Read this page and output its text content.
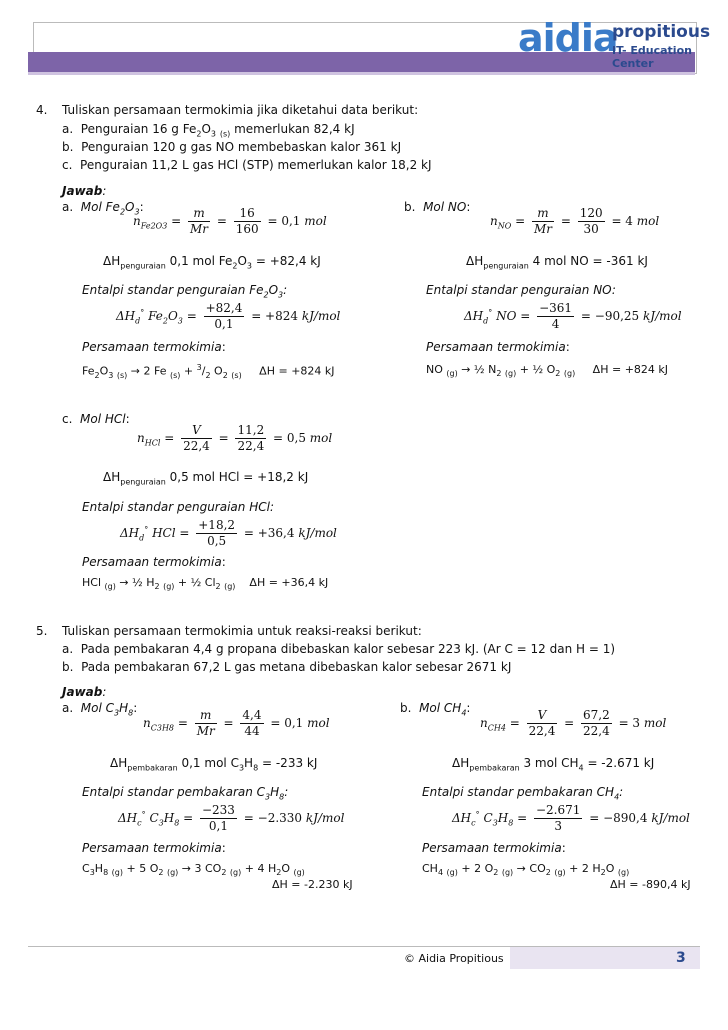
aidia
propitious
IT- Education Center
4. Tuliskan persamaan termokimia jika diketahui data berikut:
a.  Penguraian 16 g $Fe_2O_3$ $_{(s)}$ memerlukan 82,4 kJ
b.  Penguraian 120 g gas NO membebaskan kalor 361 kJ
c.  Penguraian 11,2 L gas HCl (STP) memerlukan kalor 18,2 kJ
Jawab:
a.  Mol $Fe_2O_3$:
$n_{Fe2O3} = \frac{m}{Mr} = \frac{16}{160} = 0,1$ mol
$\Delta H_{penguraian}$ 0,1 mol $Fe_2O_3 = +82,4$ kJ
Entalpi standar penguraian $Fe_2O_3$:
$\Delta H_d^\circ$ $Fe_2O_3 = \frac{+82,4}{0,1} = +824$ kJ/mol
Persamaan termokimia:
$Fe_2O_3$ $_{(s)}$ → 2 Fe $_{(s)} + ^3/_2$ $O_2$ $_{(s)}$     ΔH = +824 kJ
b.  Mol NO:
$n_{NO} = \frac{m}{Mr} = \frac{120}{30} = 4$ mol
$\Delta H_{penguraian}$ 4 mol NO = -361 kJ
Entalpi standar penguraian NO:
$\Delta H_d^\circ$ NO = $\frac{-361}{4} = -90,25$ kJ/mol
Persamaan termokimia:
NO $_{(g)}$ → ½ $N_2$ $_{(g)}$ + ½ $O_2$ $_{(g)}$     ΔH = +824 kJ
c.  Mol HCl:
$n_{HCl} = \frac{V}{22,4} = \frac{11,2}{22,4} = 0,5$ mol
$\Delta H_{penguraian}$ 0,5 mol HCl = +18,2 kJ
Entalpi standar penguraian HCl:
$\Delta H_d^\circ$ HCl = $\frac{+18,2}{0,5} = +36,4$ kJ/mol
Persamaan termokimia:
HCl $_{(g)}$ → ½ $H_2$ $_{(g)}$ + ½ $Cl_2$ $_{(g)}$    ΔH = +36,4 kJ
5. Tuliskan persamaan termokimia untuk reaksi-reaksi berikut:
a.  Pada pembakaran 4,4 g propana dibebaskan kalor sebesar 223 kJ. (Ar C = 12 dan H = 1)
b.  Pada pembakaran 67,2 L gas metana dibebaskan kalor sebesar 2671 kJ
Jawab:
a.  Mol $C_3H_8$:
$n_{C3H8} = \frac{m}{Mr} = \frac{4,4}{44} = 0,1$ mol
$\Delta H_{pembakaran}$ 0,1 mol $C_3H_8 = -233$ kJ
Entalpi standar pembakaran $C_3H_8$:
$\Delta H_c^\circ$ $C_3H_8 = \frac{-233}{0,1} = -2.330$ kJ/mol
Persamaan termokimia:
$C_3H_8$ $_{(g)}$ + 5 $O_2$ $_{(g)}$ → 3 $CO_2$ $_{(g)}$ + 4 $H_2O$ $_{(g)}$
ΔH = -2.230 kJ
b.  Mol $CH_4$:
$n_{CH4} = \frac{V}{22,4} = \frac{67,2}{22,4} = 3$ mol
$\Delta H_{pembakaran}$ 3 mol $CH_4 = -2.671$ kJ
Entalpi standar pembakaran $CH_4$:
$\Delta H_c^\circ$ $C_3H_8 = \frac{-2.671}{3} = -890,4$ kJ/mol
Persamaan termokimia:
$CH_4$ $_{(g)}$ + 2 $O_2$ $_{(g)} \to CO_2$ $_{(g)}$ + 2 $H_2O$ $_{(g)}$
ΔH = -890,4 kJ
© Aidia Propitious	3
